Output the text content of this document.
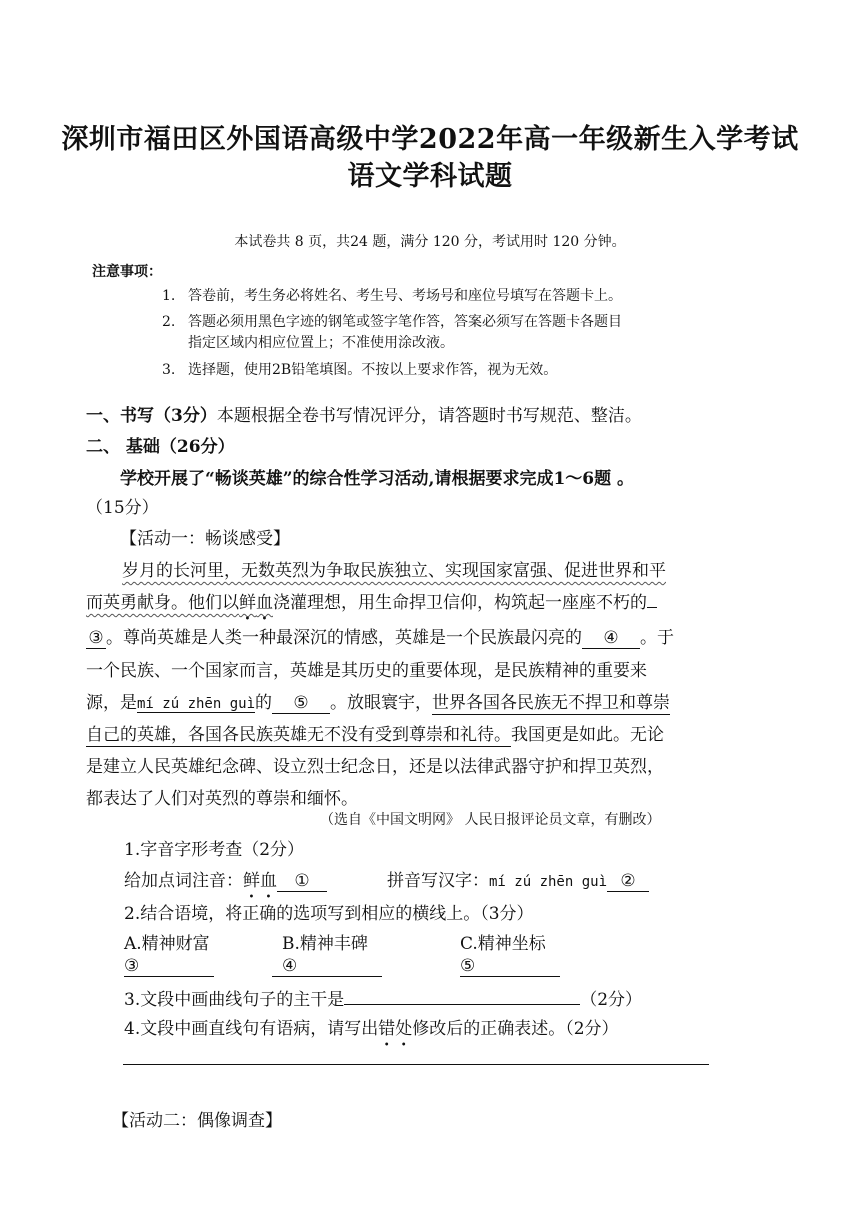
深圳市福田区外国语高级中学2022年高一年级新生入学考试
语文学科试题
本试卷共 8 页，共24 题，满分 120 分，考试用时 120 分钟。
注意事项：
1. 答卷前，考生务必将姓名、考生号、考场号和座位号填写在答题卡上。
2. 答题必须用黑色字迹的钢笔或签字笔作答，答案必须写在答题卡各题目
指定区域内相应位置上；不准使用涂改液。
3. 选择题，使用2B铅笔填图。不按以上要求作答，视为无效。
一、书写（3分）本题根据全卷书写情况评分，请答题时书写规范、整洁。
二、 基础（26分）
学校开展了“畅谈英雄”的综合性学习活动,请根据要求完成1～6题 。
（15分）
【活动一：畅谈感受】
岁月的长河里，无数英烈为争取民族独立、实现国家富强、促进世界和平
而英勇献身。他们以鲜血浇灌理想，用生命捍卫信仰，构筑起一座座不朽的
③ 。尊尚英雄是人类一种最深沉的情感，英雄是一个民族最闪亮的 ④ 。于
一个民族、一个国家而言，英雄是其历史的重要体现，是民族精神的重要来
源，是mí zú zhēn guì的 ⑤ 。放眼寰宇，世界各国各民族无不捍卫和尊崇
自己的英雄，各国各民族英雄无不没有受到尊崇和礼待。我国更是如此。无论
是建立人民英雄纪念碑、设立烈士纪念日，还是以法律武器守护和捍卫英烈，
都表达了人们对英烈的尊崇和缅怀。
（选自《中国文明网》 人民日报评论员文章，有删改）
1.字音字形考查（2分）
给加点词注音：鲜血 ①	拼音写汉字：mí zú zhēn guì ②
2.结合语境，将正确的选项写到相应的横线上。（3分）
A.精神财富	B.精神丰碑	C.精神坐标
③	④	⑤
3.文段中画曲线句子的主干是	（2分）
4.文段中画直线句有语病，请写出错处修改后的正确表述。（2分）
【活动二：偶像调查】
